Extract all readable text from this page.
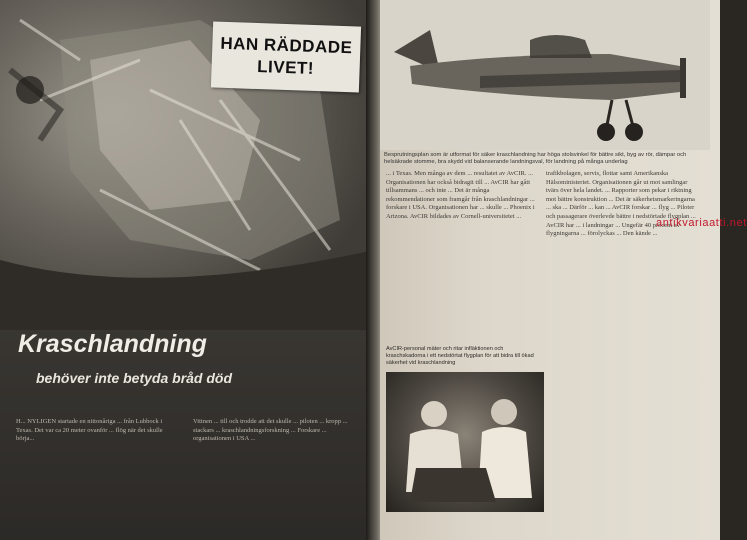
HAN RÄDDADE
LIVET!
Kraschlandning
behöver inte betyda bråd död
H... NYLIGEN startade en nittonåriga ... från Lubbock i Texas. Det var ca 20 meter ovanför ... flög när det skulle börja...
Vittnen ... till och trodde att det skulle ... piloten ... kropp ... stackars ... kraschlandningsforskning ... Forskare ... organisationen i USA ...
Besprutningsplan som är utformat för säker kraschlandning har höga stolsvinkel för bättre sikt, byg av rör, dämpar och helsäkrade stomme, bra skydd vid balanserande landningsval, för landning på många underlag
... i Texas. Men många av dem ... resultatet av AvCIR. ... Organisationen har också bidragit till ... AvCIR har gått tillsammans ... och inte ... Det är många rekommendationer som framgår från kraschlandningar ... forskare i USA. Organisationen har ... skulle ... Phoenix i Arizona. AvCIR bildades av Cornell-universitetet ...
AvCIR-personal mäter och ritar infläktionen och kraschskadorna i ett nedstörtat flygplan för att bidra till ökad säkerhet vid kraschlandning
trafikbolagen, servis, flottar samt Amerikanska Hälsoministeriet. Organisationen går ut mot samlingar tvärs över hela landet. ... Rapporter som pekar i riktning mot bättre konstruktion ... Det är säkerhetsmarkeringarna ... ska ... Därför ... kan ... AvCIR forskar ... flyg ... Piloter och passagerare överlevde bättre i nedstörtade flygplan ... AvCIR har ... i landningar ... Ungefär 40 procent av flygningarna ... förolyckas ... Den kände ...
antikvariaatti.net
